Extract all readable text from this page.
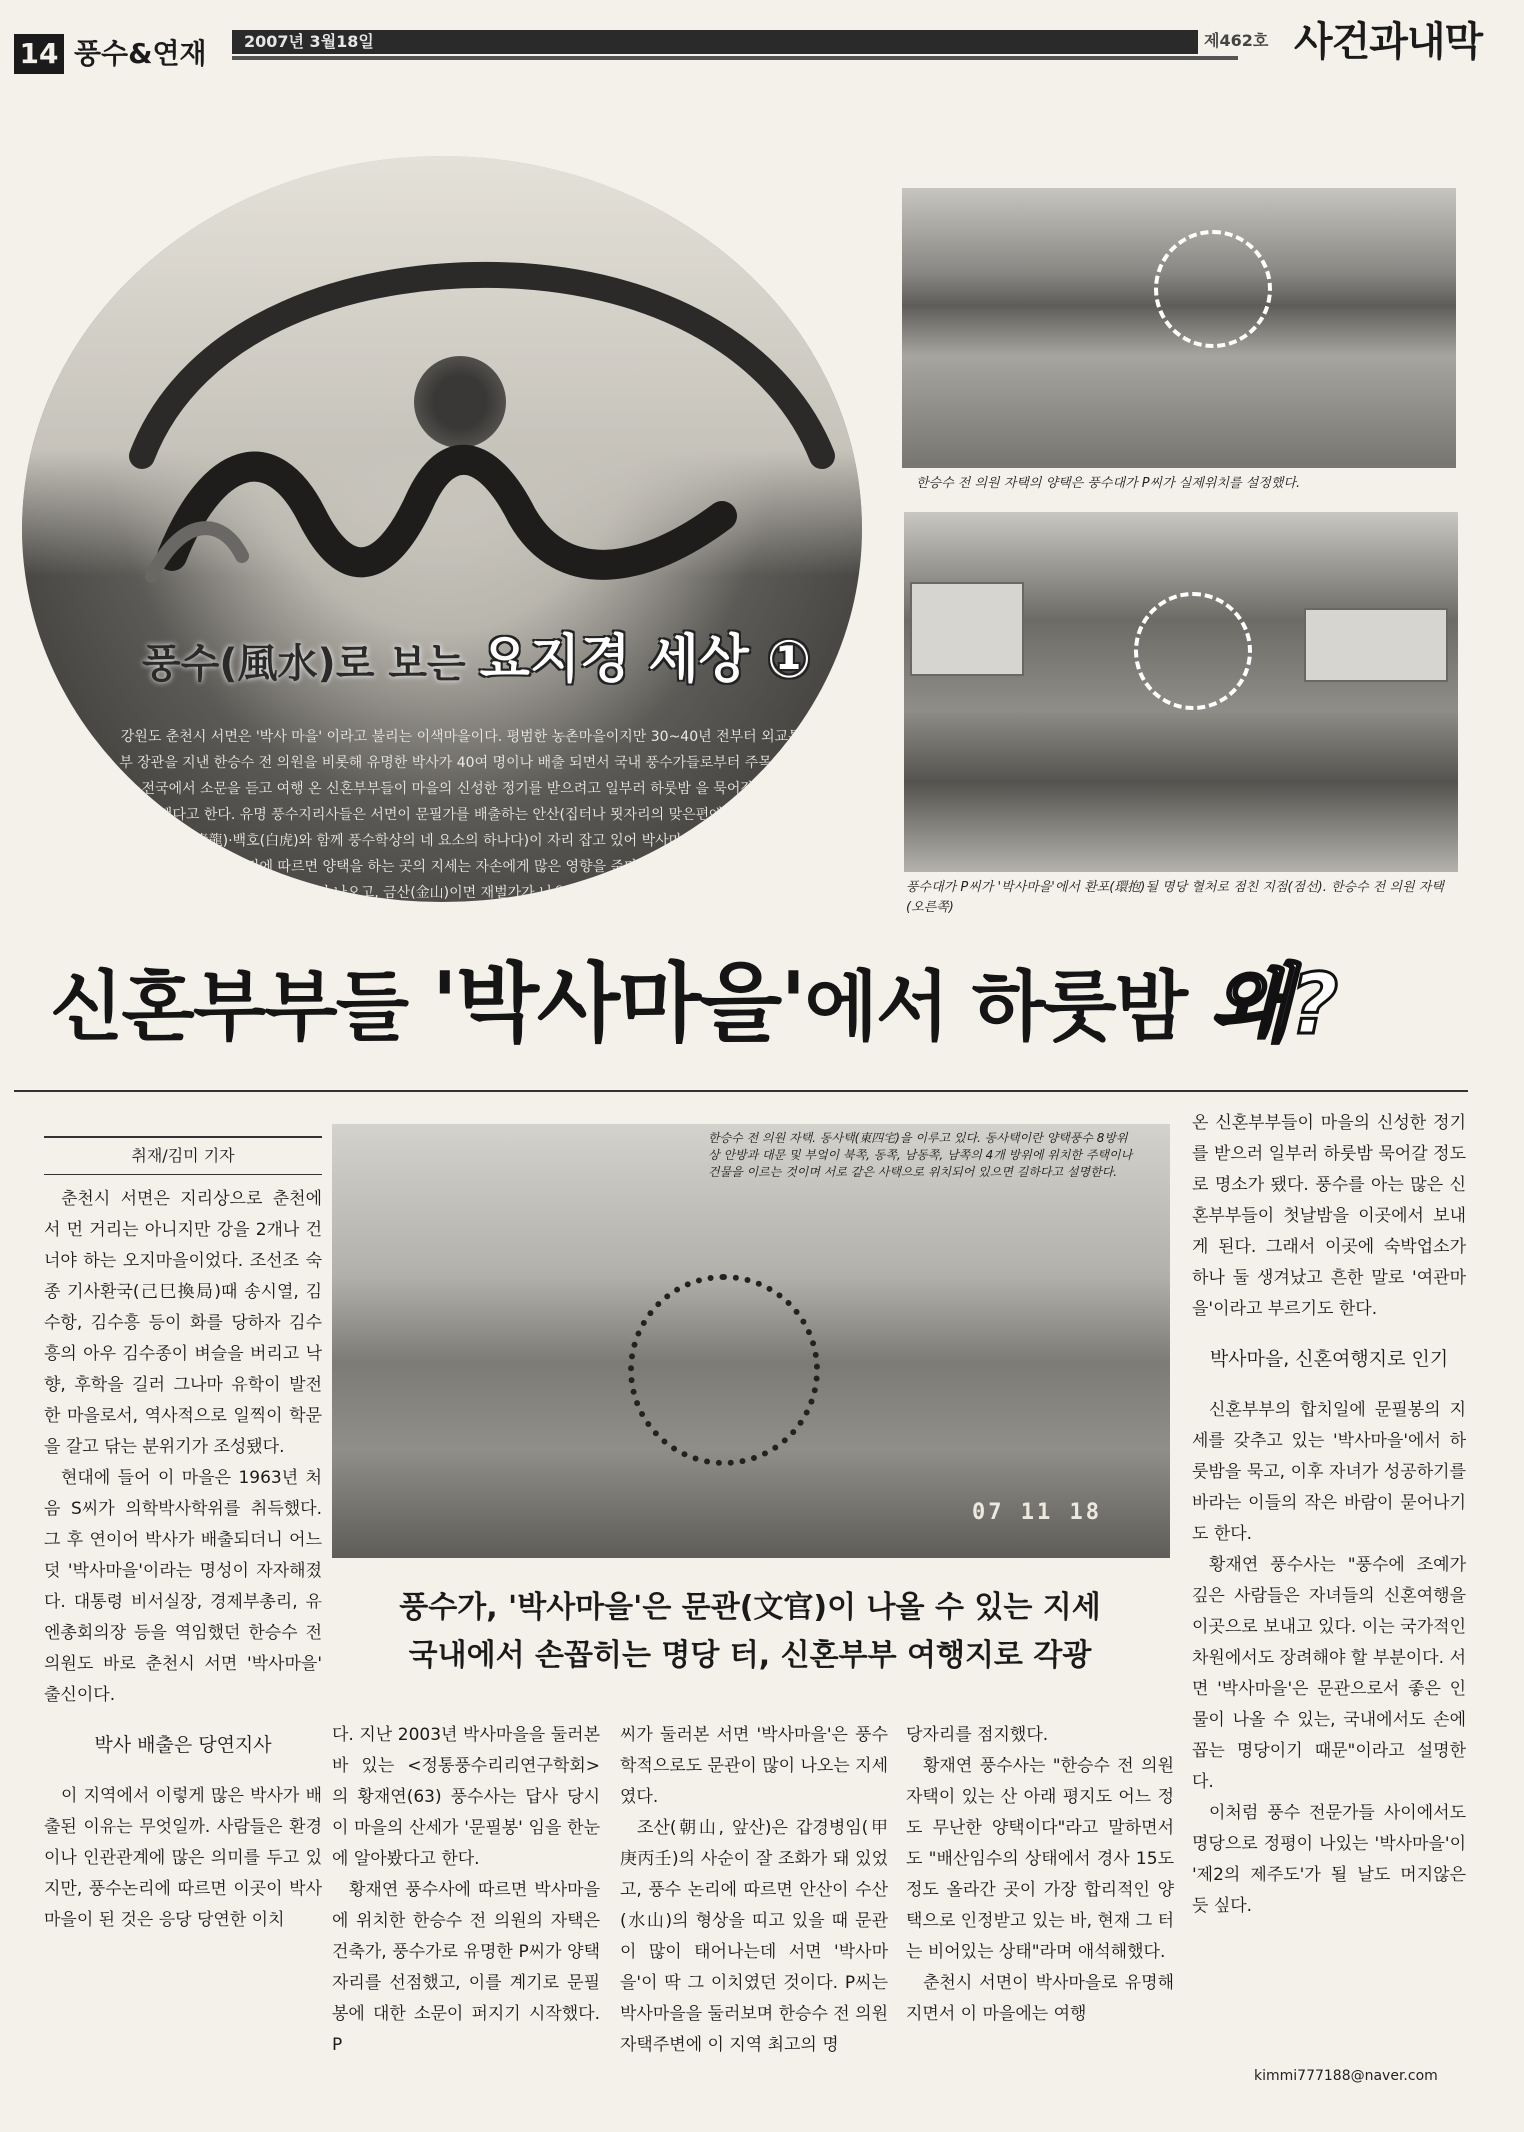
14 풍수&연재 2007년 3월18일	제462호 사건과내막
풍수(風水)로 보는 요지경 세상 ①
강원도 춘천시 서면은 '박사 마을' 이라고 불리는 이색마을이다. 평범한 농촌마을이지만 30~40년 전부터 외교통상부 장관을 지낸 한승수 전 의원을 비롯해 유명한 박사가 40여 명이나 배출 되면서 국내 풍수가들로부터 주목을 받았다. 전국에서 소문을 듣고 여행 온 신혼부부들이 마을의 신성한 정기를 받으려고 일부러 하룻밤 을 묵어갈 정도로 명소가 됐다고 한다. 유명 풍수지리사들은 서면이 문필가를 배출하는 안산(집터나 묏자리의 맞은편에 있는 산- 주산(主山)·청룡(靑龍)·백호(白虎)와 함께 풍수학상의 네 요소의 하나다)이 자리 잡고 있어 박사마을로 거듭날 수 있었다고 설명한다. 풍수 논리에 따르면 양택을 하는 곳의 지세는 자손에게 많은 영향을 준다. 안산이 수산(水山)의 형상을 띠고 있을 때 문필가가 많이 나오고, 금산(金山)이면 재벌가가 나온다고 풍수가들 사이에서 전해진다.
한승수 전 의원 자택의 양택은 풍수대가 P씨가 실제위치를 설정했다.
풍수대가 P씨가 '박사마을'에서 환포(環抱)될 명당 혈처로 점친 지점(점선). 한승수 전 의원 자택(오른쪽)
신혼부부들 '박사마을'에서 하룻밤 왜?
07 11 18
한승수 전 의원 자택. 동사택(東四宅)을 이루고 있다. 동사택이란 양택풍수 8방위상 안방과 대문 및 부엌이 북쪽, 동쪽, 남동쪽, 남쪽의 4개 방위에 위치한 주택이나 건물을 이르는 것이며 서로 같은 사택으로 위치되어 있으면 길하다고 설명한다.
풍수가, '박사마을'은 문관(文官)이 나올 수 있는 지세
국내에서 손꼽히는 명당 터, 신혼부부 여행지로 각광
취재/김미 기자

춘천시 서면은 지리상으로 춘천에서 먼 거리는 아니지만 강을 2개나 건너야 하는 오지마을이었다. 조선조 숙종 기사환국(己巳換局)때 송시열, 김수항, 김수흥 등이 화를 당하자 김수흥의 아우 김수종이 벼슬을 버리고 낙향, 후학을 길러 그나마 유학이 발전한 마을로서, 역사적으로 일찍이 학문을 갈고 닦는 분위기가 조성됐다.

현대에 들어 이 마을은 1963년 처음 S씨가 의학박사학위를 취득했다. 그 후 연이어 박사가 배출되더니 어느덧 '박사마을'이라는 명성이 자자해졌다. 대통령 비서실장, 경제부총리, 유엔총회의장 등을 역임했던 한승수 전 의원도 바로 춘천시 서면 '박사마을' 출신이다.

박사 배출은 당연지사

이 지역에서 이렇게 많은 박사가 배출된 이유는 무엇일까. 사람들은 환경이나 인관관계에 많은 의미를 두고 있지만, 풍수논리에 따르면 이곳이 박사마을이 된 것은 응당 당연한 이치

다. 지난 2003년 박사마을을 둘러본 바 있는 <정통풍수리리연구학회>의 황재연(63) 풍수사는 답사 당시 이 마을의 산세가 '문필봉' 임을 한눈에 알아봤다고 한다.

황재연 풍수사에 따르면 박사마을에 위치한 한승수 전 의원의 자택은 건축가, 풍수가로 유명한 P씨가 양택 자리를 선점했고, 이를 계기로 문필봉에 대한 소문이 퍼지기 시작했다. P

씨가 둘러본 서면 '박사마을'은 풍수학적으로도 문관이 많이 나오는 지세였다.

조산(朝山, 앞산)은 갑경병임(甲庚丙壬)의 사순이 잘 조화가 돼 있었고, 풍수 논리에 따르면 안산이 수산(水山)의 형상을 띠고 있을 때 문관이 많이 태어나는데 서면 '박사마을'이 딱 그 이치였던 것이다. P씨는 박사마을을 둘러보며 한승수 전 의원 자택주변에 이 지역 최고의 명

당자리를 점지했다.

황재연 풍수사는 "한승수 전 의원 자택이 있는 산 아래 평지도 어느 정도 무난한 양택이다"라고 말하면서도 "배산임수의 상태에서 경사 15도 정도 올라간 곳이 가장 합리적인 양택으로 인정받고 있는 바, 현재 그 터는 비어있는 상태"라며 애석해했다.

춘천시 서면이 박사마을로 유명해지면서 이 마을에는 여행

온 신혼부부들이 마을의 신성한 정기를 받으러 일부러 하룻밤 묵어갈 정도로 명소가 됐다. 풍수를 아는 많은 신혼부부들이 첫날밤을 이곳에서 보내게 된다. 그래서 이곳에 숙박업소가 하나 둘 생겨났고 흔한 말로 '여관마을'이라고 부르기도 한다.

박사마을, 신혼여행지로 인기

신혼부부의 합치일에 문필봉의 지세를 갖추고 있는 '박사마을'에서 하룻밤을 묵고, 이후 자녀가 성공하기를 바라는 이들의 작은 바람이 묻어나기도 한다.

황재연 풍수사는 "풍수에 조예가 깊은 사람들은 자녀들의 신혼여행을 이곳으로 보내고 있다. 이는 국가적인 차원에서도 장려해야 할 부분이다. 서면 '박사마을'은 문관으로서 좋은 인물이 나올 수 있는, 국내에서도 손에 꼽는 명당이기 때문"이라고 설명한다.

이처럼 풍수 전문가들 사이에서도 명당으로 정평이 나있는 '박사마을'이 '제2의 제주도'가 될 날도 머지않은 듯 싶다.

kimmi777188@naver.com
